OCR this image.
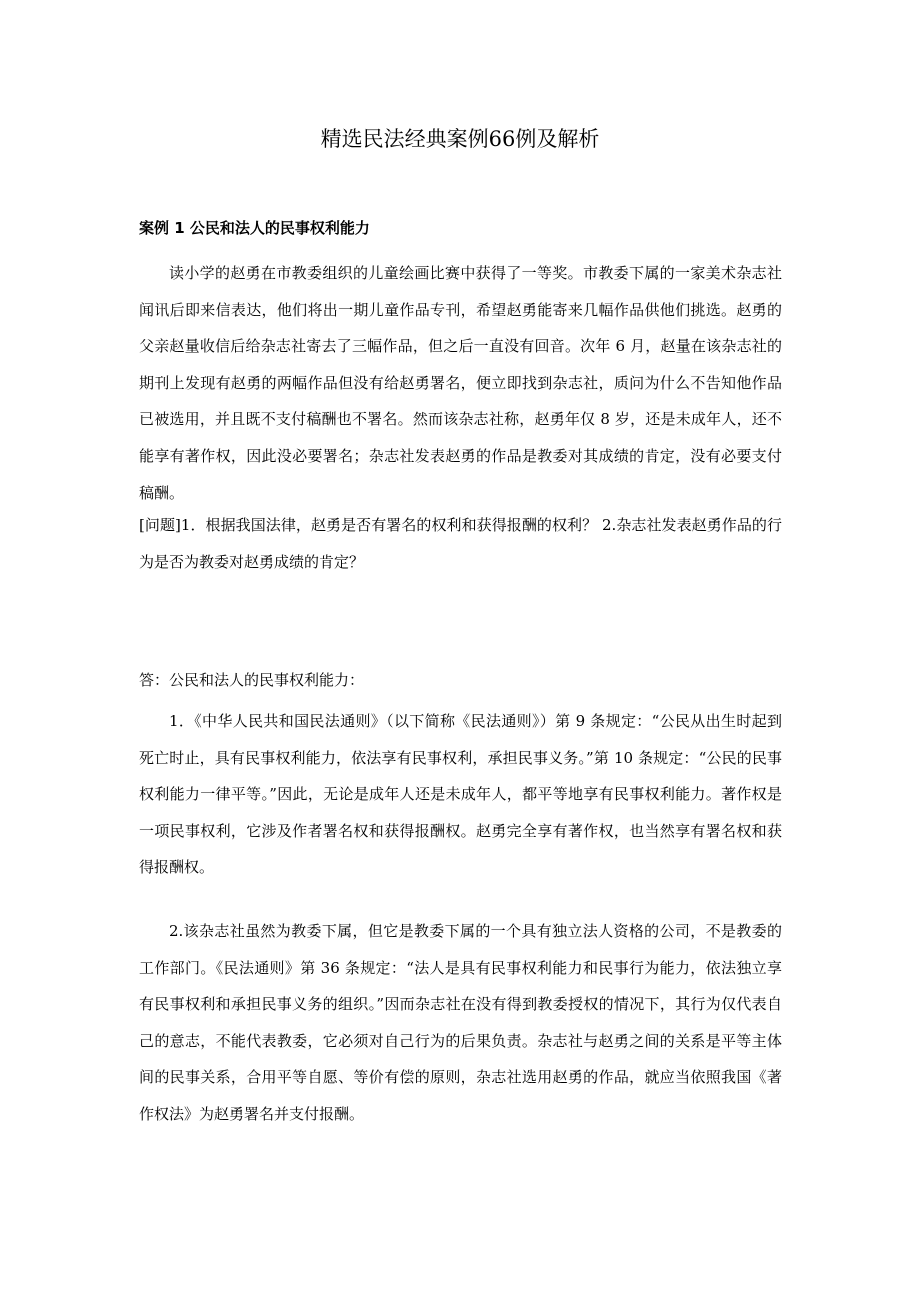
精选民法经典案例66例及解析
案例 1 公民和法人的民事权利能力

读小学的赵勇在市教委组织的儿童绘画比赛中获得了一等奖。市教委下属的一家美术杂志社闻讯后即来信表达，他们将出一期儿童作品专刊，希望赵勇能寄来几幅作品供他们挑选。赵勇的父亲赵量收信后给杂志社寄去了三幅作品，但之后一直没有回音。次年 6 月，赵量在该杂志社的期刊上发现有赵勇的两幅作品但没有给赵勇署名，便立即找到杂志社，质问为什么不告知他作品已被选用，并且既不支付稿酬也不署名。然而该杂志社称，赵勇年仅 8 岁，还是未成年人，还不能享有著作权，因此没必要署名；杂志社发表赵勇的作品是教委对其成绩的肯定，没有必要支付稿酬。

[问题]1．根据我国法律，赵勇是否有署名的权利和获得报酬的权利？ 2.杂志社发表赵勇作品的行为是否为教委对赵勇成绩的肯定？

答：公民和法人的民事权利能力：

1．《中华人民共和国民法通则》（以下简称《民法通则》）第 9 条规定：“公民从出生时起到死亡时止，具有民事权利能力，依法享有民事权利，承担民事义务。”第 10 条规定：“公民的民事权利能力一律平等。”因此，无论是成年人还是未成年人，都平等地享有民事权利能力。著作权是一项民事权利，它涉及作者署名权和获得报酬权。赵勇完全享有著作权，也当然享有署名权和获得报酬权。

2.该杂志社虽然为教委下属，但它是教委下属的一个具有独立法人资格的公司，不是教委的工作部门。《民法通则》第 36 条规定：“法人是具有民事权利能力和民事行为能力，依法独立享有民事权利和承担民事义务的组织。”因而杂志社在没有得到教委授权的情况下，其行为仅代表自己的意志，不能代表教委，它必须对自己行为的后果负责。杂志社与赵勇之间的关系是平等主体间的民事关系，合用平等自愿、等价有偿的原则，杂志社选用赵勇的作品，就应当依照我国《著作权法》为赵勇署名并支付报酬。
